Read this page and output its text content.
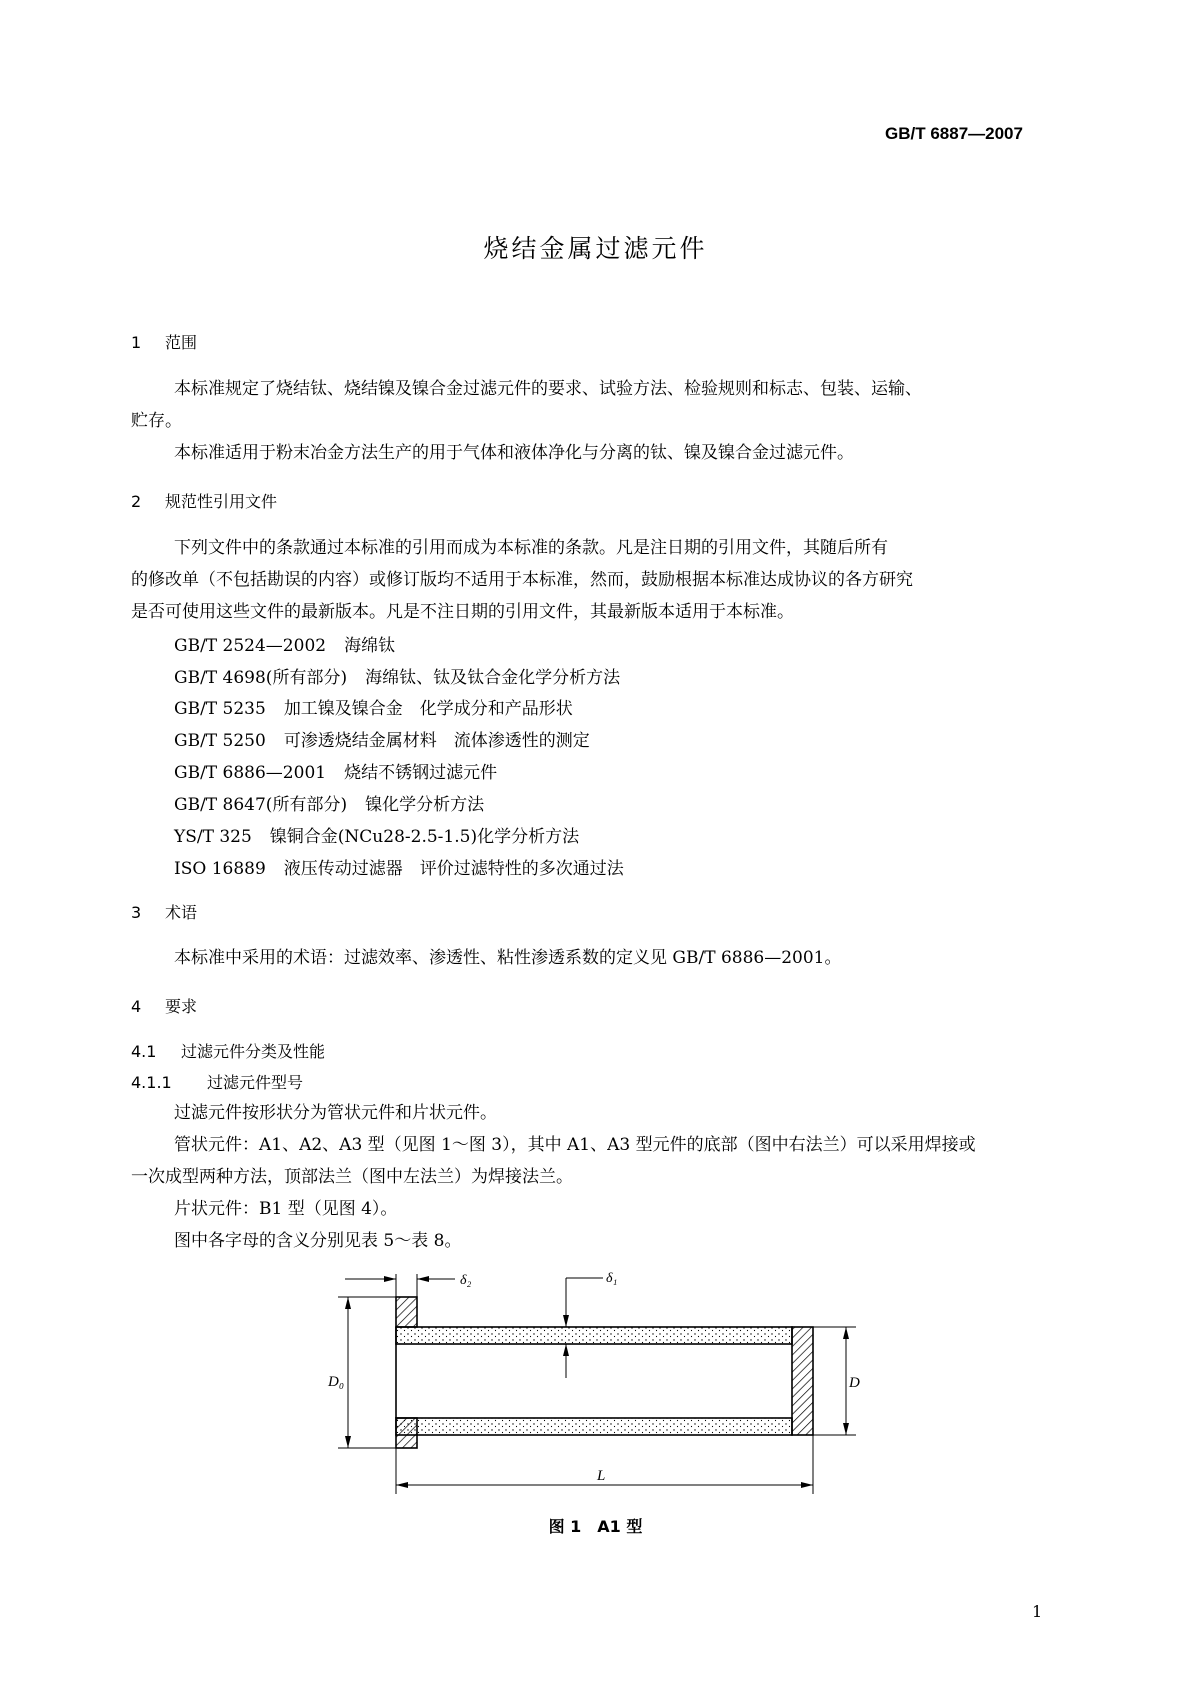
GB/T 6887—2007
烧结金属过滤元件
1 范围
本标准规定了烧结钛、烧结镍及镍合金过滤元件的要求、试验方法、检验规则和标志、包装、运输、
贮存。
本标准适用于粉末冶金方法生产的用于气体和液体净化与分离的钛、镍及镍合金过滤元件。
2 规范性引用文件
下列文件中的条款通过本标准的引用而成为本标准的条款。凡是注日期的引用文件，其随后所有
的修改单（不包括勘误的内容）或修订版均不适用于本标准，然而，鼓励根据本标准达成协议的各方研究
是否可使用这些文件的最新版本。凡是不注日期的引用文件，其最新版本适用于本标准。
GB/T 2524—2002 海绵钛
GB/T 4698(所有部分) 海绵钛、钛及钛合金化学分析方法
GB/T 5235 加工镍及镍合金　化学成分和产品形状
GB/T 5250 可渗透烧结金属材料　流体渗透性的测定
GB/T 6886—2001 烧结不锈钢过滤元件
GB/T 8647(所有部分) 镍化学分析方法
YS/T 325 镍铜合金(NCu28-2.5-1.5)化学分析方法
ISO 16889 液压传动过滤器　评价过滤特性的多次通过法
3 术语
本标准中采用的术语：过滤效率、渗透性、粘性渗透系数的定义见 GB/T 6886—2001。
4 要求
4.1 过滤元件分类及性能
4.1.1 过滤元件型号
过滤元件按形状分为管状元件和片状元件。
管状元件：A1、A2、A3 型（见图 1～图 3），其中 A1、A3 型元件的底部（图中右法兰）可以采用焊接或
一次成型两种方法，顶部法兰（图中左法兰）为焊接法兰。
片状元件：B1 型（见图 4）。
图中各字母的含义分别见表 5～表 8。
D₀	D
L
δ₂	δ₁
图 1　A1 型
1
